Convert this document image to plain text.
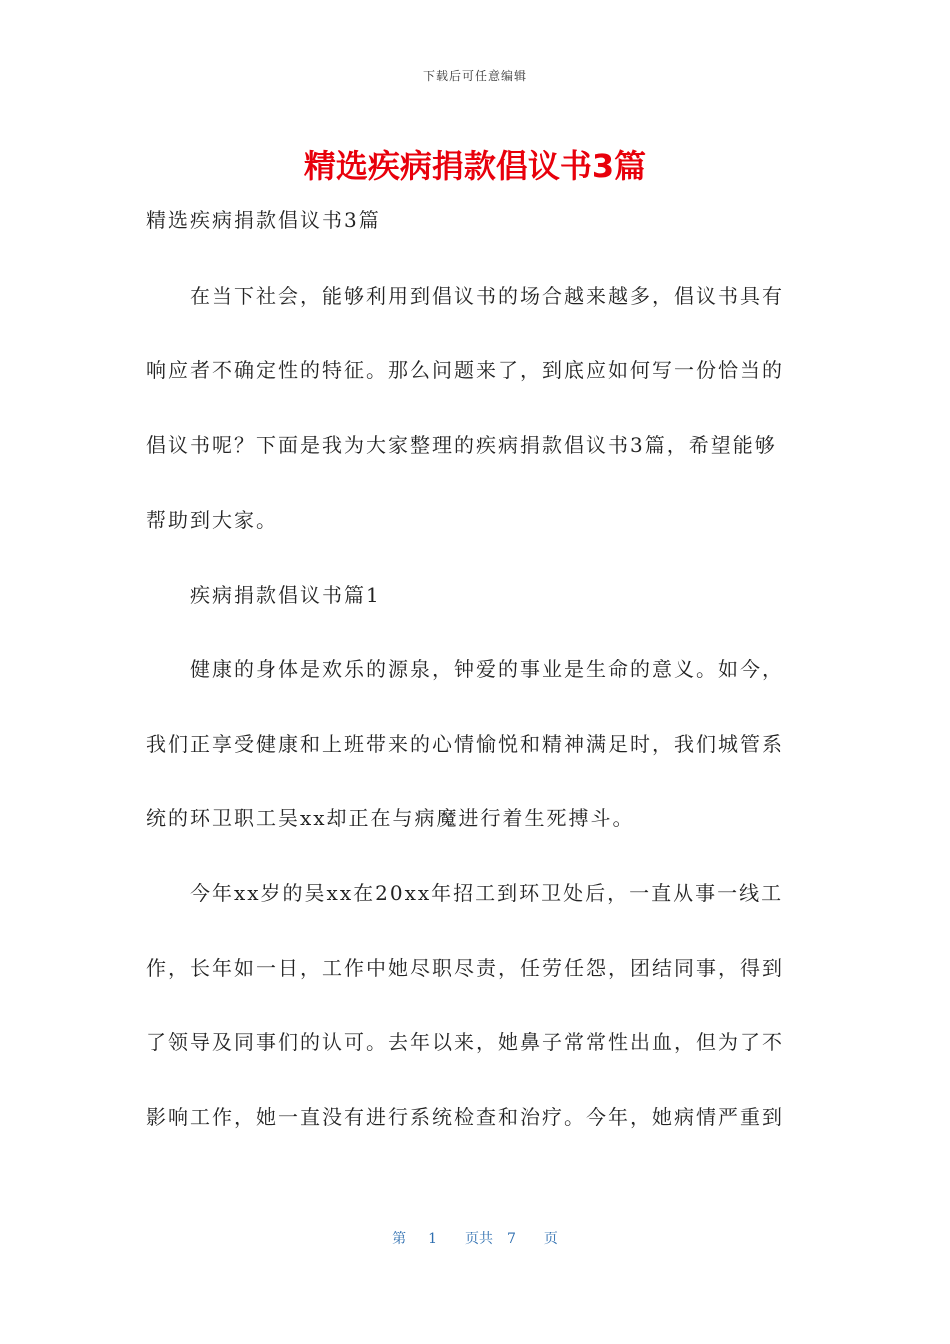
下载后可任意编辑
精选疾病捐款倡议书3篇
精选疾病捐款倡议书3篇
在当下社会，能够利用到倡议书的场合越来越多，倡议书具有
响应者不确定性的特征。那么问题来了，到底应如何写一份恰当的
倡议书呢？下面是我为大家整理的疾病捐款倡议书3篇，希望能够
帮助到大家。
疾病捐款倡议书篇1
健康的身体是欢乐的源泉，钟爱的事业是生命的意义。如今，
我们正享受健康和上班带来的心情愉悦和精神满足时，我们城管系
统的环卫职工吴xx却正在与病魔进行着生死搏斗。
今年xx岁的吴xx在20xx年招工到环卫处后，一直从事一线工
作，长年如一日，工作中她尽职尽责，任劳任怨，团结同事，得到
了领导及同事们的认可。去年以来，她鼻子常常性出血，但为了不
影响工作，她一直没有进行系统检查和治疗。今年，她病情严重到
第 1 页共 7 页
